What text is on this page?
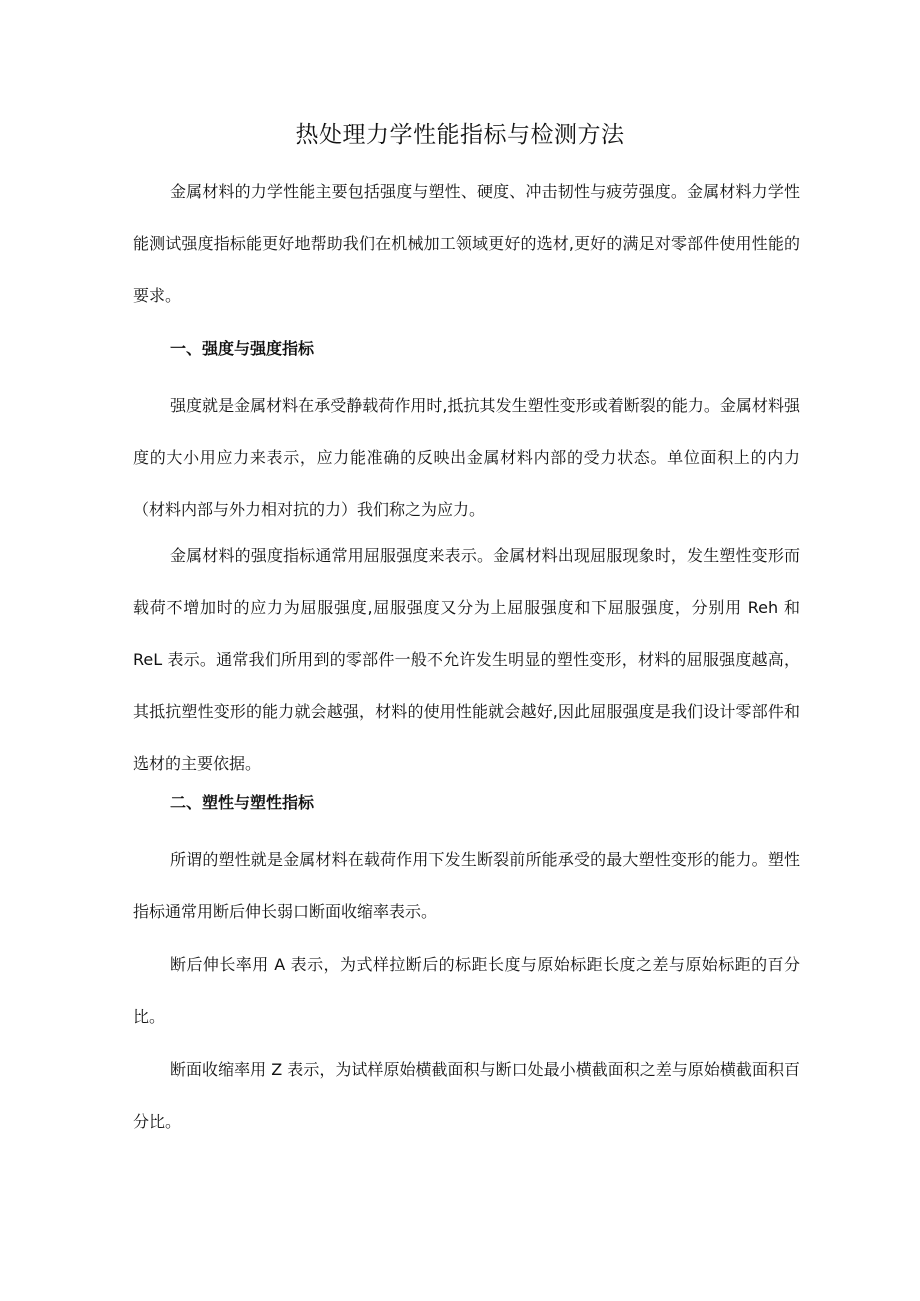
热处理力学性能指标与检测方法

金属材料的力学性能主要包括强度与塑性、硬度、冲击韧性与疲劳强度。金属材料力学性能测试强度指标能更好地帮助我们在机械加工领域更好的选材,更好的满足对零部件使用性能的要求。

一、强度与强度指标

强度就是金属材料在承受静载荷作用时,抵抗其发生塑性变形或着断裂的能力。金属材料强度的大小用应力来表示，应力能准确的反映出金属材料内部的受力状态。单位面积上的内力（材料内部与外力相对抗的力）我们称之为应力。

金属材料的强度指标通常用屈服强度来表示。金属材料出现屈服现象时，发生塑性变形而载荷不增加时的应力为屈服强度,屈服强度又分为上屈服强度和下屈服强度，分别用 Reh 和 ReL 表示。通常我们所用到的零部件一般不允许发生明显的塑性变形，材料的屈服强度越高，其抵抗塑性变形的能力就会越强，材料的使用性能就会越好,因此屈服强度是我们设计零部件和选材的主要依据。

二、塑性与塑性指标

所谓的塑性就是金属材料在载荷作用下发生断裂前所能承受的最大塑性变形的能力。塑性指标通常用断后伸长弱口断面收缩率表示。

断后伸长率用 A 表示，为式样拉断后的标距长度与原始标距长度之差与原始标距的百分比。

断面收缩率用 Z 表示，为试样原始横截面积与断口处最小横截面积之差与原始横截面积百分比。
